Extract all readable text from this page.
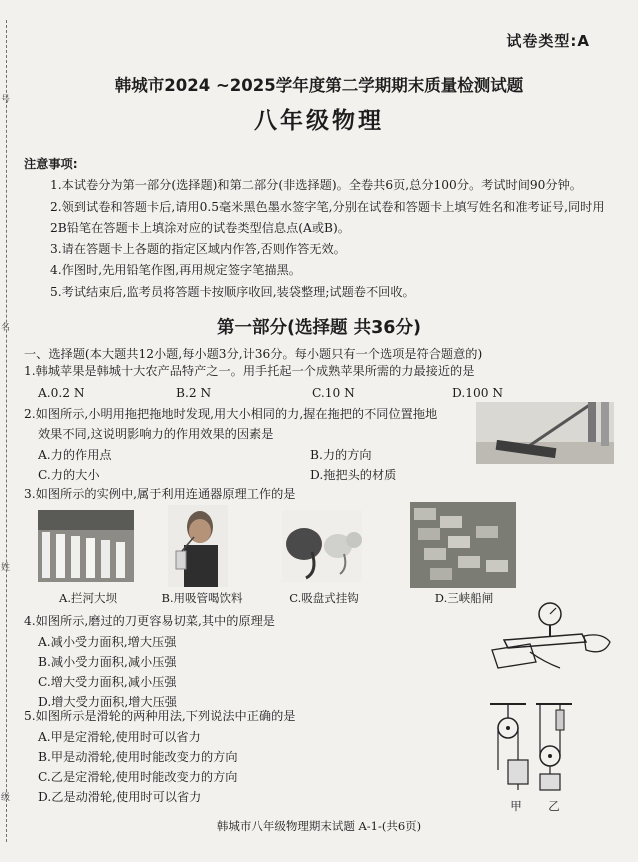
号
名
姓
级
试卷类型:A
韩城市2024 ~2025学年度第二学期期末质量检测试题
八年级物理

注意事项:

1.本试卷分为第一部分(选择题)和第二部分(非选择题)。全卷共6页,总分100分。考试时间90分钟。

2.领到试卷和答题卡后,请用0.5毫米黑色墨水签字笔,分别在试卷和答题卡上填写姓名和准考证号,同时用2B铅笔在答题卡上填涂对应的试卷类型信息点(A或B)。

3.请在答题卡上各题的指定区域内作答,否则作答无效。

4.作图时,先用铅笔作图,再用规定签字笔描黑。

5.考试结束后,监考员将答题卡按顺序收回,装袋整理;试题卷不回收。

第一部分(选择题 共36分)
一、选择题(本大题共12小题,每小题3分,计36分。每小题只有一个选项是符合题意的)
1.韩城苹果是韩城十大农产品特产之一。用手托起一个成熟苹果所需的力最接近的是
A.0.2 N	B.2 N	C.10 N	D.100 N

2.如图所示,小明用拖把拖地时发现,用大小相同的力,握在拖把的不同位置拖地

效果不同,这说明影响力的作用效果的因素是

A.力的作用点	B.力的方向
C.力的大小	D.拖把头的材质
3.如图所示的实例中,属于利用连通器原理工作的是
A.拦河大坝	B.用吸管喝饮料	C.吸盘式挂钩	D.三峡船闸
4.如图所示,磨过的刀更容易切菜,其中的原理是
A.减小受力面积,增大压强
B.减小受力面积,减小压强
C.增大受力面积,减小压强
D.增大受力面积,增大压强
5.如图所示是滑轮的两种用法,下列说法中正确的是
A.甲是定滑轮,使用时可以省力
B.甲是动滑轮,使用时能改变力的方向
C.乙是定滑轮,使用时能改变力的方向
D.乙是动滑轮,使用时可以省力
甲	乙
韩城市八年级物理期末试题 A-1-(共6页)
